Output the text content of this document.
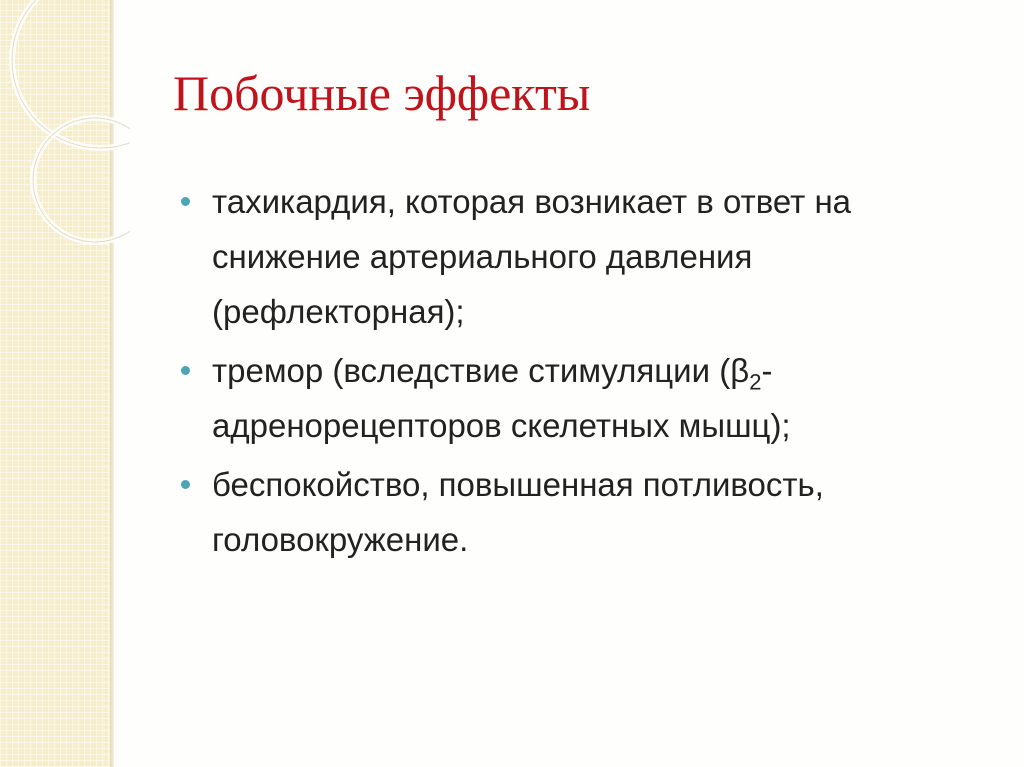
Побочные эффекты
тахикардия, которая возникает в ответ на снижение артериального давления (рефлекторная);
тремор (вследствие стимуляции ($\beta_2$-адренорецепторов скелетных мышц);
беспокойство, повышенная потливость, головокружение.
